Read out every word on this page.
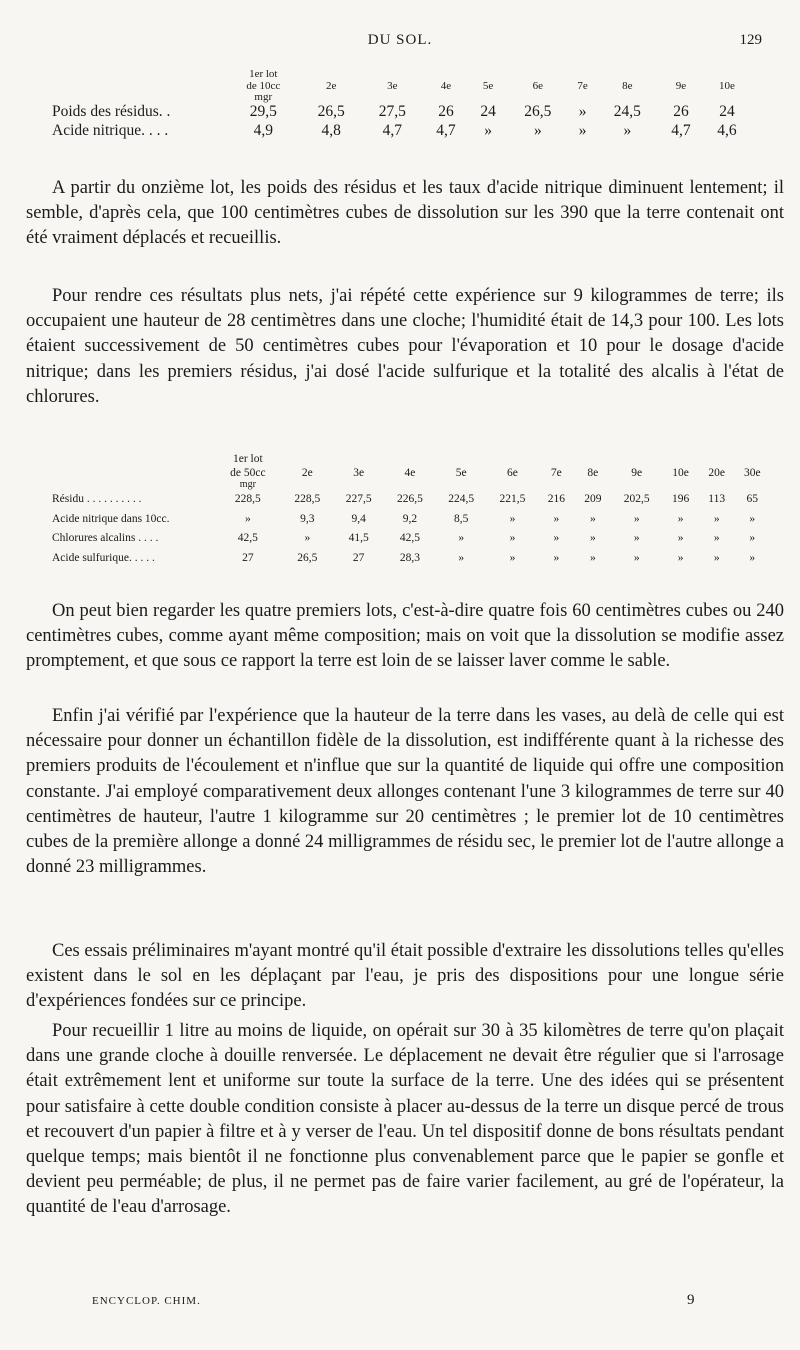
DU SOL.	129
	1er lot
de 10cc	2e	3e	4e	5e	6e	7e	8e	9e	10e
	mgr									
Poids des résidus. .	29,5	26,5	27,5	26	24	26,5	»	24,5	26	24
Acide nitrique. . . .	4,9	4,8	4,7	4,7	»	»	»	»	4,7	4,6

A partir du onzième lot, les poids des résidus et les taux d'acide nitrique diminuent lentement; il semble, d'après cela, que 100 centimètres cubes de dissolution sur les 390 que la terre contenait ont été vraiment déplacés et recueillis.

Pour rendre ces résultats plus nets, j'ai répété cette expérience sur 9 kilogrammes de terre; ils occupaient une hauteur de 28 centimètres dans une cloche; l'humidité était de 14,3 pour 100. Les lots étaient successivement de 50 centimètres cubes pour l'évaporation et 10 pour le dosage d'acide nitrique; dans les premiers résidus, j'ai dosé l'acide sulfurique et la totalité des alcalis à l'état de chlorures.

	1er lot
de 50cc	2e	3e	4e	5e	6e	7e	8e	9e	10e	20e	30e
	mgr											
Résidu . . . . . . . . . .	228,5	228,5	227,5	226,5	224,5	221,5	216	209	202,5	196	113	65
Acide nitrique dans 10cc.	»	9,3	9,4	9,2	8,5	»	»	»	»	»	»	»
Chlorures alcalins . . . .	42,5	»	41,5	42,5	»	»	»	»	»	»	»	»
Acide sulfurique. . . . .	27	26,5	27	28,3	»	»	»	»	»	»	»	»

On peut bien regarder les quatre premiers lots, c'est-à-dire quatre fois 60 centimètres cubes ou 240 centimètres cubes, comme ayant même composition; mais on voit que la dissolution se modifie assez promptement, et que sous ce rapport la terre est loin de se laisser laver comme le sable.

Enfin j'ai vérifié par l'expérience que la hauteur de la terre dans les vases, au delà de celle qui est nécessaire pour donner un échantillon fidèle de la dissolution, est indifférente quant à la richesse des premiers produits de l'écoulement et n'influe que sur la quantité de liquide qui offre une composition constante. J'ai employé comparativement deux allonges contenant l'une 3 kilogrammes de terre sur 40 centimètres de hauteur, l'autre 1 kilogramme sur 20 centimètres ; le premier lot de 10 centimètres cubes de la première allonge a donné 24 milligrammes de résidu sec, le premier lot de l'autre allonge a donné 23 milligrammes.

Ces essais préliminaires m'ayant montré qu'il était possible d'extraire les dissolutions telles qu'elles existent dans le sol en les déplaçant par l'eau, je pris des dispositions pour une longue série d'expériences fondées sur ce principe.

Pour recueillir 1 litre au moins de liquide, on opérait sur 30 à 35 kilomètres de terre qu'on plaçait dans une grande cloche à douille renversée. Le déplacement ne devait être régulier que si l'arrosage était extrêmement lent et uniforme sur toute la surface de la terre. Une des idées qui se présentent pour satisfaire à cette double condition consiste à placer au-dessus de la terre un disque percé de trous et recouvert d'un papier à filtre et à y verser de l'eau. Un tel dispositif donne de bons résultats pendant quelque temps; mais bientôt il ne fonctionne plus convenablement parce que le papier se gonfle et devient peu perméable; de plus, il ne permet pas de faire varier facilement, au gré de l'opérateur, la quantité de l'eau d'arrosage.

ENCYCLOP. CHIM.	9
